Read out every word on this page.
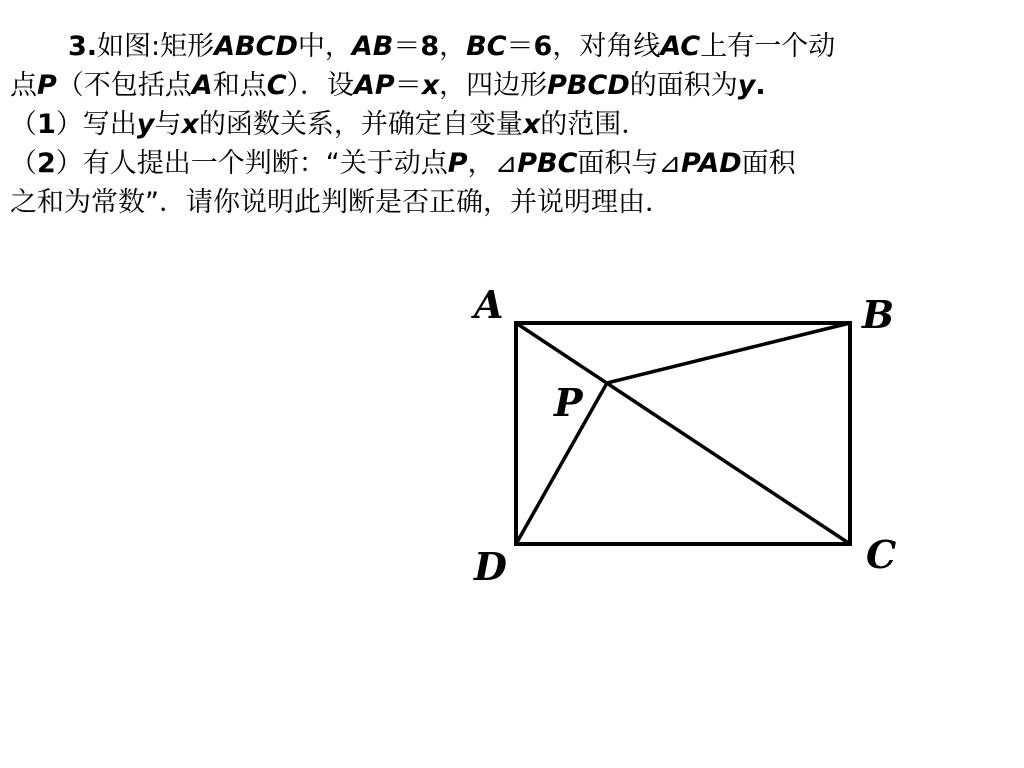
3.如图:矩形ABCD中，AB＝8，BC＝6，对角线AC上有一个动
点P（不包括点A和点C）．设AP＝x，四边形PBCD的面积为y.
（1）写出y与x的函数关系，并确定自变量x的范围．
（2）有人提出一个判断：“关于动点P，⊿PBC面积与⊿PAD面积
之和为常数”．请你说明此判断是否正确，并说明理由．
A	B
C
D
P
